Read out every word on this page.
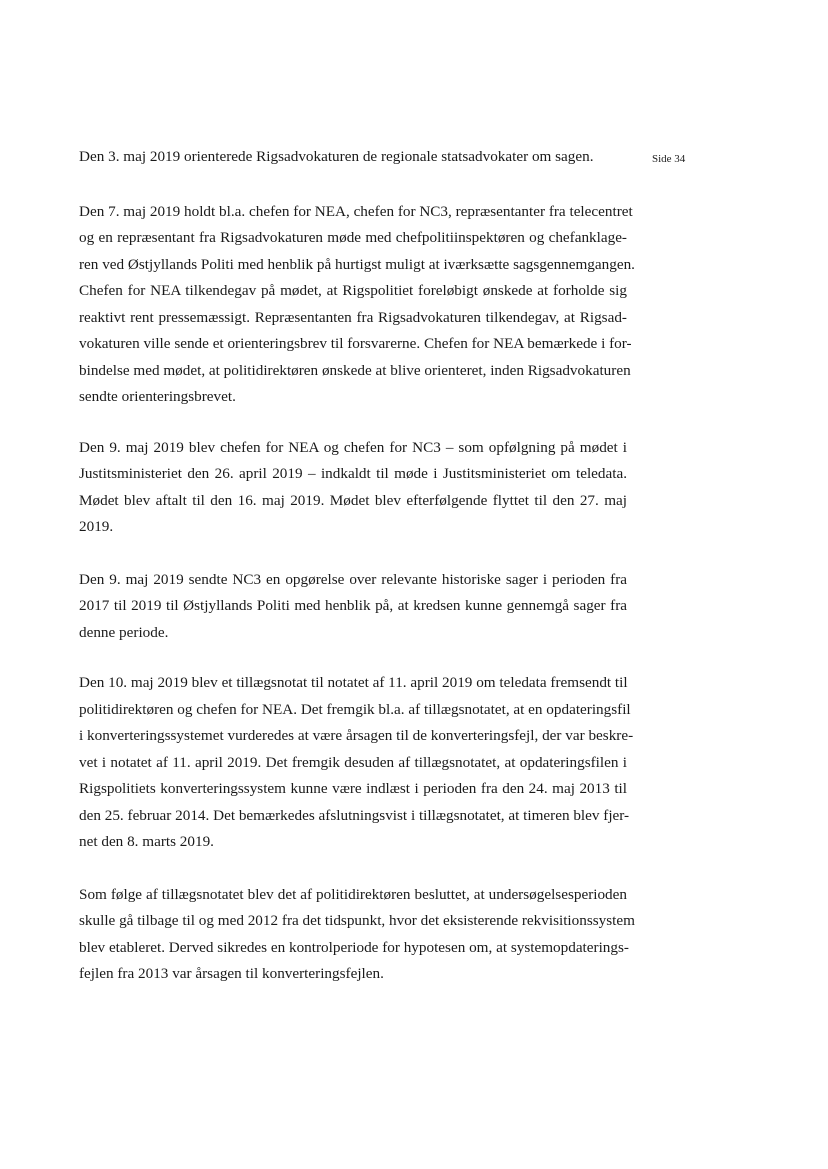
Side 34

Den 3. maj 2019 orienterede Rigsadvokaturen de regionale statsadvokater om sagen.

Den 7. maj 2019 holdt bl.a. chefen for NEA, chefen for NC3, repræsentanter fra telecentret
og en repræsentant fra Rigsadvokaturen møde med chefpolitiinspektøren og chefanklage-
ren ved Østjyllands Politi med henblik på hurtigst muligt at iværksætte sagsgennemgangen.
Chefen for NEA tilkendegav på mødet, at Rigspolitiet foreløbigt ønskede at forholde sig
reaktivt rent pressemæssigt. Repræsentanten fra Rigsadvokaturen tilkendegav, at Rigsad-
vokaturen ville sende et orienteringsbrev til forsvarerne. Chefen for NEA bemærkede i for-
bindelse med mødet, at politidirektøren ønskede at blive orienteret, inden Rigsadvokaturen
sendte orienteringsbrevet.

Den 9. maj 2019 blev chefen for NEA og chefen for NC3 – som opfølgning på mødet i
Justitsministeriet den 26. april 2019 – indkaldt til møde i Justitsministeriet om teledata.
Mødet blev aftalt til den 16. maj 2019. Mødet blev efterfølgende flyttet til den 27. maj
2019.

Den 9. maj 2019 sendte NC3 en opgørelse over relevante historiske sager i perioden fra
2017 til 2019 til Østjyllands Politi med henblik på, at kredsen kunne gennemgå sager fra
denne periode.

Den 10. maj 2019 blev et tillægsnotat til notatet af 11. april 2019 om teledata fremsendt til
politidirektøren og chefen for NEA. Det fremgik bl.a. af tillægsnotatet, at en opdateringsfil
i konverteringssystemet vurderedes at være årsagen til de konverteringsfejl, der var beskre-
vet i notatet af 11. april 2019. Det fremgik desuden af tillægsnotatet, at opdateringsfilen i
Rigspolitiets konverteringssystem kunne være indlæst i perioden fra den 24. maj 2013 til
den 25. februar 2014. Det bemærkedes afslutningsvist i tillægsnotatet, at timeren blev fjer-
net den 8. marts 2019.

Som følge af tillægsnotatet blev det af politidirektøren besluttet, at undersøgelsesperioden
skulle gå tilbage til og med 2012 fra det tidspunkt, hvor det eksisterende rekvisitionssystem
blev etableret. Derved sikredes en kontrolperiode for hypotesen om, at systemopdaterings-
fejlen fra 2013 var årsagen til konverteringsfejlen.
